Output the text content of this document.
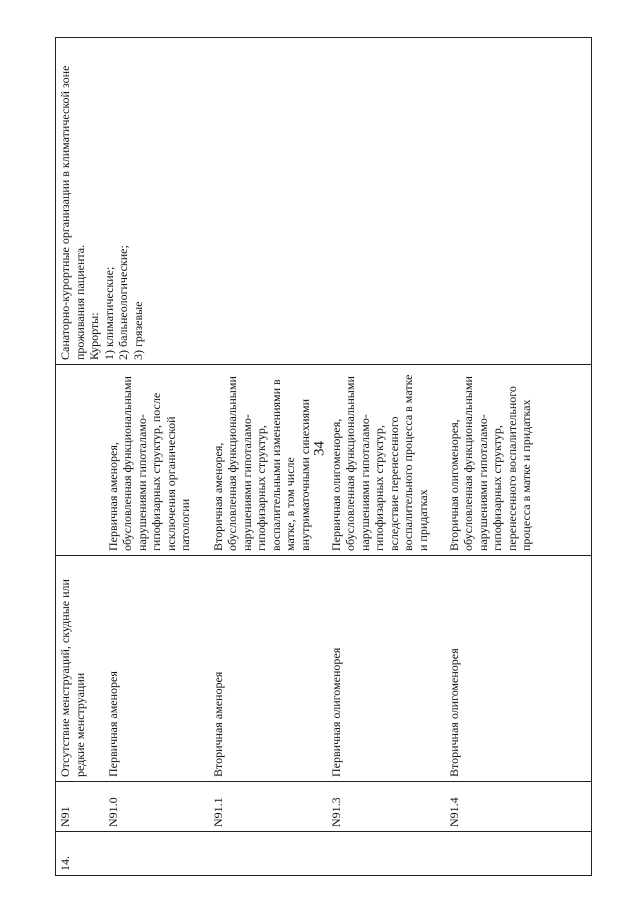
34
14.	N91	Отсутствие менструаций, скудные или редкие менструации		Санаторно-курортные организации в климатической зоне проживания пациента. Курорты: 1) климатические; 2) бальнеологические; 3) грязевые

	N91.0	Первичная аменорея	Первичная аменорея, обусловленная функциональными нарушениями гипоталамо-гипофизарных структур, после исключения органической патологии	

	N91.1	Вторичная аменорея	Вторичная аменорея, обусловленная функциональными нарушениями гипоталамо-гипофизарных структур, воспалительными изменениями в матке, в том числе внутриматочными синехиями	

	N91.3	Первичная олигоменорея	Первичная олигоменорея, обусловленная функциональными нарушениями гипоталамо-гипофизарных структур, вследствие перенесенного воспалительного процесса в матке и придатках	

	N91.4	Вторичная олигоменорея	Вторичная олигоменорея, обусловленная функциональными нарушениями гипоталамо-гипофизарных структур, перенесенного воспалительного процесса в матке и придатках	
